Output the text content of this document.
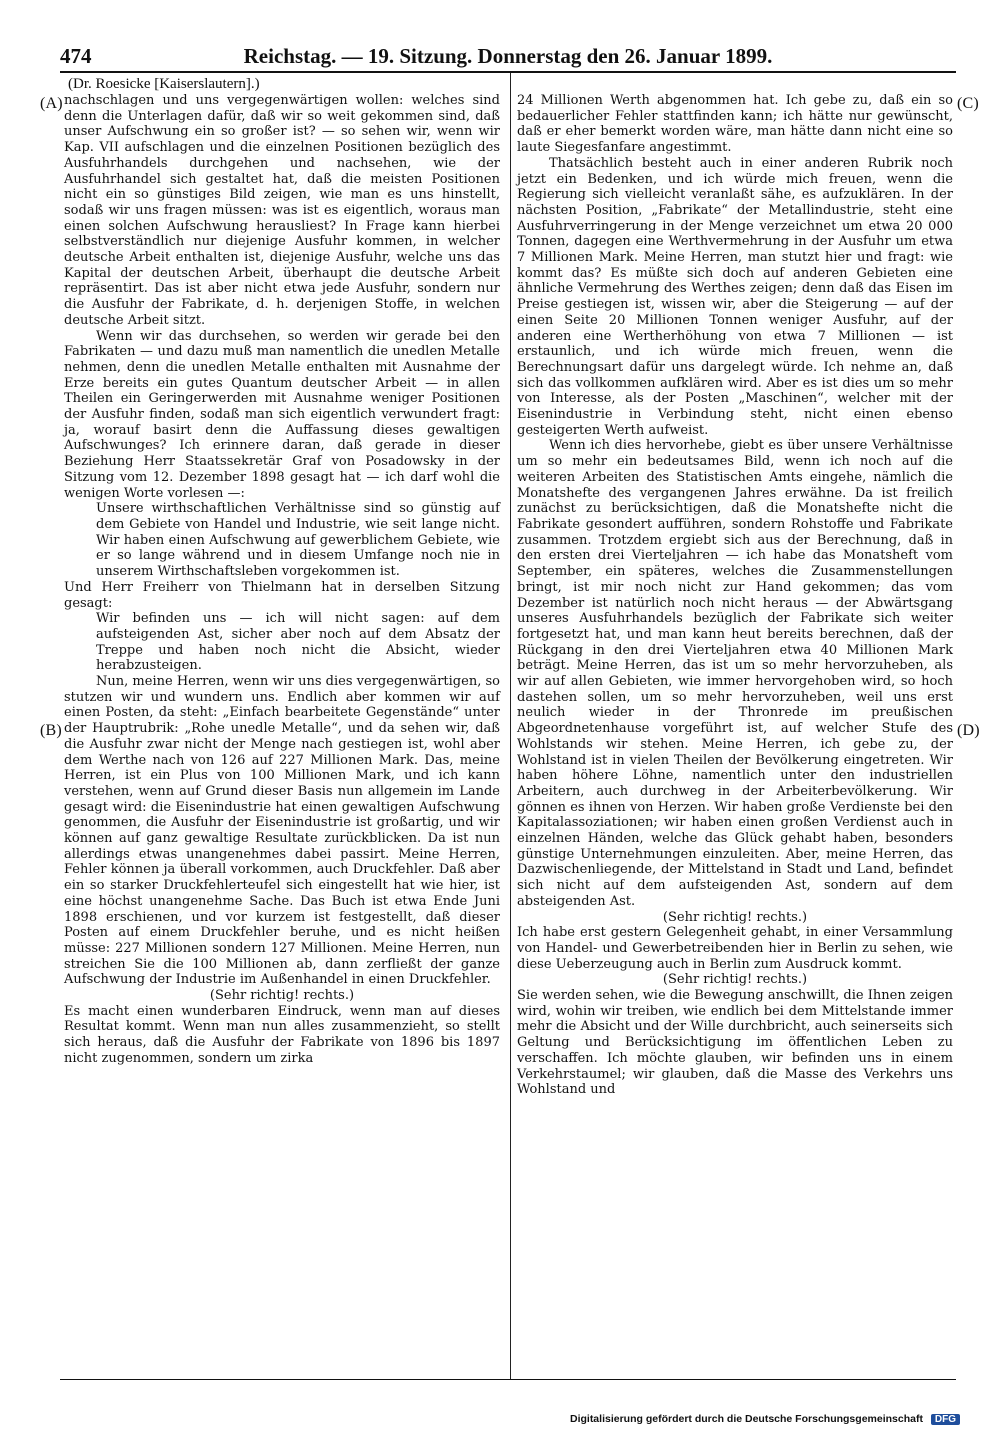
474	Reichstag. — 19. Sitzung. Donnerstag den 26. Januar 1899.
(Dr. Roesicke [Kaiserslautern].)
(A)
(B)
(C)
(D)

nachschlagen und uns vergegenwärtigen wollen: welches sind denn die Unterlagen dafür, daß wir so weit gekommen sind, daß unser Aufschwung ein so großer ist? — so sehen wir, wenn wir Kap. VII aufschlagen und die einzelnen Positionen bezüglich des Ausfuhrhandels durchgehen und nachsehen, wie der Ausfuhrhandel sich gestaltet hat, daß die meisten Positionen nicht ein so günstiges Bild zeigen, wie man es uns hinstellt, sodaß wir uns fragen müssen: was ist es eigentlich, woraus man einen solchen Aufschwung herausliest? In Frage kann hierbei selbstverständlich nur diejenige Ausfuhr kommen, in welcher deutsche Arbeit enthalten ist, diejenige Ausfuhr, welche uns das Kapital der deutschen Arbeit, überhaupt die deutsche Arbeit repräsentirt. Das ist aber nicht etwa jede Ausfuhr, sondern nur die Ausfuhr der Fabrikate, d. h. derjenigen Stoffe, in welchen deutsche Arbeit sitzt.

Wenn wir das durchsehen, so werden wir gerade bei den Fabrikaten — und dazu muß man namentlich die unedlen Metalle nehmen, denn die unedlen Metalle enthalten mit Ausnahme der Erze bereits ein gutes Quantum deutscher Arbeit — in allen Theilen ein Geringerwerden mit Ausnahme weniger Positionen der Ausfuhr finden, sodaß man sich eigentlich verwundert fragt: ja, worauf basirt denn die Auffassung dieses gewaltigen Aufschwunges? Ich erinnere daran, daß gerade in dieser Beziehung Herr Staatssekretär Graf von Posadowsky in der Sitzung vom 12. Dezember 1898 gesagt hat — ich darf wohl die wenigen Worte vorlesen —:

Unsere wirthschaftlichen Verhältnisse sind so günstig auf dem Gebiete von Handel und Industrie, wie seit lange nicht. Wir haben einen Aufschwung auf gewerblichem Gebiete, wie er so lange während und in diesem Umfange noch nie in unserem Wirthschaftsleben vorgekommen ist.

Und Herr Freiherr von Thielmann hat in derselben Sitzung gesagt:

Wir befinden uns — ich will nicht sagen: auf dem aufsteigenden Ast, sicher aber noch auf dem Absatz der Treppe und haben noch nicht die Absicht, wieder herabzusteigen.

Nun, meine Herren, wenn wir uns dies vergegenwärtigen, so stutzen wir und wundern uns. Endlich aber kommen wir auf einen Posten, da steht: „Einfach bearbeitete Gegenstände“ unter der Hauptrubrik: „Rohe unedle Metalle“, und da sehen wir, daß die Ausfuhr zwar nicht der Menge nach gestiegen ist, wohl aber dem Werthe nach von 126 auf 227 Millionen Mark. Das, meine Herren, ist ein Plus von 100 Millionen Mark, und ich kann verstehen, wenn auf Grund dieser Basis nun allgemein im Lande gesagt wird: die Eisenindustrie hat einen gewaltigen Aufschwung genommen, die Ausfuhr der Eisenindustrie ist großartig, und wir können auf ganz gewaltige Resultate zurückblicken. Da ist nun allerdings etwas unangenehmes dabei passirt. Meine Herren, Fehler können ja überall vorkommen, auch Druckfehler. Daß aber ein so starker Druckfehlerteufel sich eingestellt hat wie hier, ist eine höchst unangenehme Sache. Das Buch ist etwa Ende Juni 1898 erschienen, und vor kurzem ist festgestellt, daß dieser Posten auf einem Druckfehler beruhe, und es nicht heißen müsse: 227 Millionen sondern 127 Millionen. Meine Herren, nun streichen Sie die 100 Millionen ab, dann zerfließt der ganze Aufschwung der Industrie im Außenhandel in einen Druckfehler.

(Sehr richtig! rechts.)

Es macht einen wunderbaren Eindruck, wenn man auf dieses Resultat kommt. Wenn man nun alles zusammenzieht, so stellt sich heraus, daß die Ausfuhr der Fabrikate von 1896 bis 1897 nicht zugenommen, sondern um zirka

24 Millionen Werth abgenommen hat. Ich gebe zu, daß ein so bedauerlicher Fehler stattfinden kann; ich hätte nur gewünscht, daß er eher bemerkt worden wäre, man hätte dann nicht eine so laute Siegesfanfare angestimmt.

Thatsächlich besteht auch in einer anderen Rubrik noch jetzt ein Bedenken, und ich würde mich freuen, wenn die Regierung sich vielleicht veranlaßt sähe, es aufzuklären. In der nächsten Position, „Fabrikate“ der Metallindustrie, steht eine Ausfuhrverringerung in der Menge verzeichnet um etwa 20 000 Tonnen, dagegen eine Werthvermehrung in der Ausfuhr um etwa 7 Millionen Mark. Meine Herren, man stutzt hier und fragt: wie kommt das? Es müßte sich doch auf anderen Gebieten eine ähnliche Vermehrung des Werthes zeigen; denn daß das Eisen im Preise gestiegen ist, wissen wir, aber die Steigerung — auf der einen Seite 20 Millionen Tonnen weniger Ausfuhr, auf der anderen eine Wertherhöhung von etwa 7 Millionen — ist erstaunlich, und ich würde mich freuen, wenn die Berechnungsart dafür uns dargelegt würde. Ich nehme an, daß sich das vollkommen aufklären wird. Aber es ist dies um so mehr von Interesse, als der Posten „Maschinen“, welcher mit der Eisenindustrie in Verbindung steht, nicht einen ebenso gesteigerten Werth aufweist.

Wenn ich dies hervorhebe, giebt es über unsere Verhältnisse um so mehr ein bedeutsames Bild, wenn ich noch auf die weiteren Arbeiten des Statistischen Amts eingehe, nämlich die Monatshefte des vergangenen Jahres erwähne. Da ist freilich zunächst zu berücksichtigen, daß die Monatshefte nicht die Fabrikate gesondert aufführen, sondern Rohstoffe und Fabrikate zusammen. Trotzdem ergiebt sich aus der Berechnung, daß in den ersten drei Vierteljahren — ich habe das Monatsheft vom September, ein späteres, welches die Zusammenstellungen bringt, ist mir noch nicht zur Hand gekommen; das vom Dezember ist natürlich noch nicht heraus — der Abwärtsgang unseres Ausfuhrhandels bezüglich der Fabrikate sich weiter fortgesetzt hat, und man kann heut bereits berechnen, daß der Rückgang in den drei Vierteljahren etwa 40 Millionen Mark beträgt. Meine Herren, das ist um so mehr hervorzuheben, als wir auf allen Gebieten, wie immer hervorgehoben wird, so hoch dastehen sollen, um so mehr hervorzuheben, weil uns erst neulich wieder in der Thronrede im preußischen Abgeordnetenhause vorgeführt ist, auf welcher Stufe des Wohlstands wir stehen. Meine Herren, ich gebe zu, der Wohlstand ist in vielen Theilen der Bevölkerung eingetreten. Wir haben höhere Löhne, namentlich unter den industriellen Arbeitern, auch durchweg in der Arbeiterbevölkerung. Wir gönnen es ihnen von Herzen. Wir haben große Verdienste bei den Kapitalassoziationen; wir haben einen großen Verdienst auch in einzelnen Händen, welche das Glück gehabt haben, besonders günstige Unternehmungen einzuleiten. Aber, meine Herren, das Dazwischenliegende, der Mittelstand in Stadt und Land, befindet sich nicht auf dem aufsteigenden Ast, sondern auf dem absteigenden Ast.

(Sehr richtig! rechts.)

Ich habe erst gestern Gelegenheit gehabt, in einer Versammlung von Handel- und Gewerbetreibenden hier in Berlin zu sehen, wie diese Ueberzeugung auch in Berlin zum Ausdruck kommt.

(Sehr richtig! rechts.)

Sie werden sehen, wie die Bewegung anschwillt, die Ihnen zeigen wird, wohin wir treiben, wie endlich bei dem Mittelstande immer mehr die Absicht und der Wille durchbricht, auch seinerseits sich Geltung und Berücksichtigung im öffentlichen Leben zu verschaffen. Ich möchte glauben, wir befinden uns in einem Verkehrstaumel; wir glauben, daß die Masse des Verkehrs uns Wohlstand und

Digitalisierung gefördert durch die Deutsche Forschungsgemeinschaft DFG
